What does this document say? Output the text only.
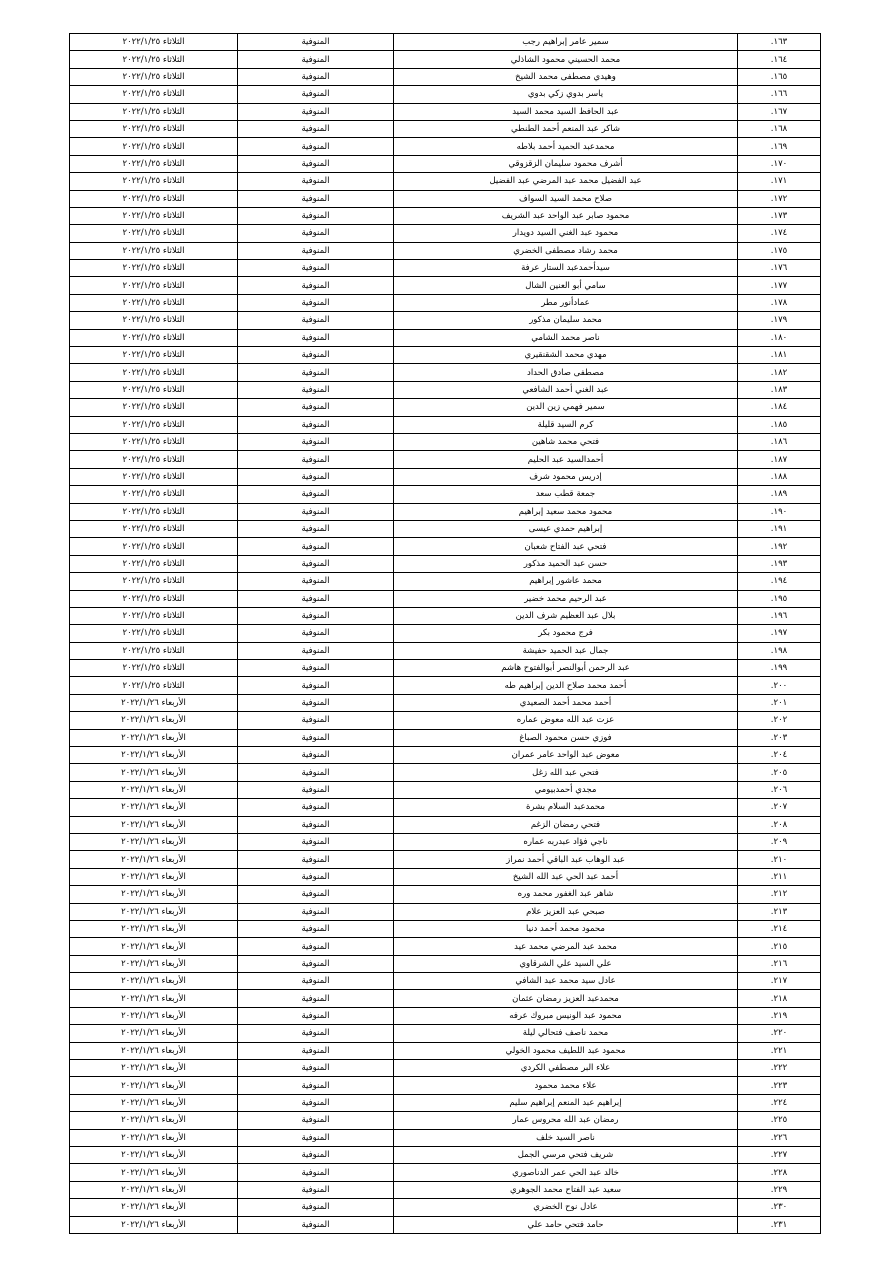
١٦٣.	سمير عامر إبراهيم رجب	المنوفية	الثلاثاء ٢٠٢٢/١/٢٥
١٦٤.	محمد الحسيني محمود الشاذلي	المنوفية	الثلاثاء ٢٠٢٢/١/٢٥
١٦٥.	وهيدي مصطفى محمد الشيخ	المنوفية	الثلاثاء ٢٠٢٢/١/٢٥
١٦٦.	ياسر بدوي زكي بدوي	المنوفية	الثلاثاء ٢٠٢٢/١/٢٥
١٦٧.	عبد الحافظ السيد محمد السيد	المنوفية	الثلاثاء ٢٠٢٢/١/٢٥
١٦٨.	شاكر عبد المنعم أحمد الطنطي	المنوفية	الثلاثاء ٢٠٢٢/١/٢٥
١٦٩.	محمدعبد الحميد أحمد بلاطه	المنوفية	الثلاثاء ٢٠٢٢/١/٢٥
١٧٠.	أشرف محمود سليمان الزقزوقي	المنوفية	الثلاثاء ٢٠٢٢/١/٢٥
١٧١.	عبد الفضيل محمد عبد المرضي عبد الفضيل	المنوفية	الثلاثاء ٢٠٢٢/١/٢٥
١٧٢.	صلاح محمد السيد السواف	المنوفية	الثلاثاء ٢٠٢٢/١/٢٥
١٧٣.	محمود صابر عبد الواحد عبد الشريف	المنوفية	الثلاثاء ٢٠٢٢/١/٢٥
١٧٤.	محمود عبد الغني السيد دويدار	المنوفية	الثلاثاء ٢٠٢٢/١/٢٥
١٧٥.	محمد رشاد مصطفى الخضري	المنوفية	الثلاثاء ٢٠٢٢/١/٢٥
١٧٦.	سيدأحمدعبد الستار عرفة	المنوفية	الثلاثاء ٢٠٢٢/١/٢٥
١٧٧.	سامي أبو العنين الشال	المنوفية	الثلاثاء ٢٠٢٢/١/٢٥
١٧٨.	عمادأنور مطر	المنوفية	الثلاثاء ٢٠٢٢/١/٢٥
١٧٩.	محمد سليمان مذكور	المنوفية	الثلاثاء ٢٠٢٢/١/٢٥
١٨٠.	ناصر محمد الشامي	المنوفية	الثلاثاء ٢٠٢٢/١/٢٥
١٨١.	مهدي محمد الشقنقيري	المنوفية	الثلاثاء ٢٠٢٢/١/٢٥
١٨٢.	مصطفى صادق الحداد	المنوفية	الثلاثاء ٢٠٢٢/١/٢٥
١٨٣.	عبد الغني أحمد الشافعي	المنوفية	الثلاثاء ٢٠٢٢/١/٢٥
١٨٤.	سمير فهمي زين الدين	المنوفية	الثلاثاء ٢٠٢٢/١/٢٥
١٨٥.	كرم السيد قليلة	المنوفية	الثلاثاء ٢٠٢٢/١/٢٥
١٨٦.	فتحي محمد شاهين	المنوفية	الثلاثاء ٢٠٢٢/١/٢٥
١٨٧.	أحمدالسيد عبد الحليم	المنوفية	الثلاثاء ٢٠٢٢/١/٢٥
١٨٨.	إدريس محمود شرف	المنوفية	الثلاثاء ٢٠٢٢/١/٢٥
١٨٩.	جمعة قطب سعد	المنوفية	الثلاثاء ٢٠٢٢/١/٢٥
١٩٠.	محمود محمد سعيد إبراهيم	المنوفية	الثلاثاء ٢٠٢٢/١/٢٥
١٩١.	إبراهيم حمدي عيسى	المنوفية	الثلاثاء ٢٠٢٢/١/٢٥
١٩٢.	فتحي عبد الفتاح شعبان	المنوفية	الثلاثاء ٢٠٢٢/١/٢٥
١٩٣.	حسن عبد الحميد مذكور	المنوفية	الثلاثاء ٢٠٢٢/١/٢٥
١٩٤.	محمد عاشور إبراهيم	المنوفية	الثلاثاء ٢٠٢٢/١/٢٥
١٩٥.	عبد الرحيم محمد خضير	المنوفية	الثلاثاء ٢٠٢٢/١/٢٥
١٩٦.	بلال عبد العظيم شرف الدين	المنوفية	الثلاثاء ٢٠٢٢/١/٢٥
١٩٧.	فرج محمود بكر	المنوفية	الثلاثاء ٢٠٢٢/١/٢٥
١٩٨.	جمال عبد الحميد حفيشة	المنوفية	الثلاثاء ٢٠٢٢/١/٢٥
١٩٩.	عبد الرحمن أبوالنصر أبوالفتوح هاشم	المنوفية	الثلاثاء ٢٠٢٢/١/٢٥
٢٠٠.	أحمد محمد صلاح الدين إبراهيم طه	المنوفية	الثلاثاء ٢٠٢٢/١/٢٥
٢٠١.	أحمد محمد أحمد الصعيدي	المنوفية	الأربعاء ٢٠٢٢/١/٢٦
٢٠٢.	عزت عبد الله معوض عماره	المنوفية	الأربعاء ٢٠٢٢/١/٢٦
٢٠٣.	فوزي حسن محمود الصباغ	المنوفية	الأربعاء ٢٠٢٢/١/٢٦
٢٠٤.	معوض عبد الواحد عامر عمران	المنوفية	الأربعاء ٢٠٢٢/١/٢٦
٢٠٥.	فتحي عبد الله زغل	المنوفية	الأربعاء ٢٠٢٢/١/٢٦
٢٠٦.	مجدي أحمدبيومي	المنوفية	الأربعاء ٢٠٢٢/١/٢٦
٢٠٧.	محمدعبد السلام بشرة	المنوفية	الأربعاء ٢٠٢٢/١/٢٦
٢٠٨.	فتحي رمضان الزغم	المنوفية	الأربعاء ٢٠٢٢/١/٢٦
٢٠٩.	ناجي فؤاد عبدربه عماره	المنوفية	الأربعاء ٢٠٢٢/١/٢٦
٢١٠.	عبد الوهاب عبد الباقي أحمد نمراز	المنوفية	الأربعاء ٢٠٢٢/١/٢٦
٢١١.	أحمد عبد الحي عبد الله الشيخ	المنوفية	الأربعاء ٢٠٢٢/١/٢٦
٢١٢.	شاهر عبد الغفور محمد وره	المنوفية	الأربعاء ٢٠٢٢/١/٢٦
٢١٣.	صبحي عبد العزيز علام	المنوفية	الأربعاء ٢٠٢٢/١/٢٦
٢١٤.	محمود محمد أحمد دنيا	المنوفية	الأربعاء ٢٠٢٢/١/٢٦
٢١٥.	محمد عبد المرضي محمد عيد	المنوفية	الأربعاء ٢٠٢٢/١/٢٦
٢١٦.	علي السيد علي الشرقاوي	المنوفية	الأربعاء ٢٠٢٢/١/٢٦
٢١٧.	عادل سيد محمد عبد الشافي	المنوفية	الأربعاء ٢٠٢٢/١/٢٦
٢١٨.	محمدعبد العزيز رمضان عثمان	المنوفية	الأربعاء ٢٠٢٢/١/٢٦
٢١٩.	محمود عبد الونيس مبروك عرفه	المنوفية	الأربعاء ٢٠٢٢/١/٢٦
٢٢٠.	محمد ناصف فتحالي ليلة	المنوفية	الأربعاء ٢٠٢٢/١/٢٦
٢٢١.	محمود عبد اللطيف محمود الخولي	المنوفية	الأربعاء ٢٠٢٢/١/٢٦
٢٢٢.	علاء البر مصطفي الكردي	المنوفية	الأربعاء ٢٠٢٢/١/٢٦
٢٢٣.	علاء محمد محمود	المنوفية	الأربعاء ٢٠٢٢/١/٢٦
٢٢٤.	إبراهيم عبد المنعم إبراهيم سليم	المنوفية	الأربعاء ٢٠٢٢/١/٢٦
٢٢٥.	رمضان عبد الله محروس عمار	المنوفية	الأربعاء ٢٠٢٢/١/٢٦
٢٢٦.	ناصر السيد خلف	المنوفية	الأربعاء ٢٠٢٢/١/٢٦
٢٢٧.	شريف فتحي مرسي الجمل	المنوفية	الأربعاء ٢٠٢٢/١/٢٦
٢٢٨.	خالد عبد الحي عمر الدناصوري	المنوفية	الأربعاء ٢٠٢٢/١/٢٦
٢٢٩.	سعيد عبد الفتاح محمد الجوهري	المنوفية	الأربعاء ٢٠٢٢/١/٢٦
٢٣٠.	عادل نوح الخضري	المنوفية	الأربعاء ٢٠٢٢/١/٢٦
٢٣١.	حامد فتحي حامد علي	المنوفية	الأربعاء ٢٠٢٢/١/٢٦
